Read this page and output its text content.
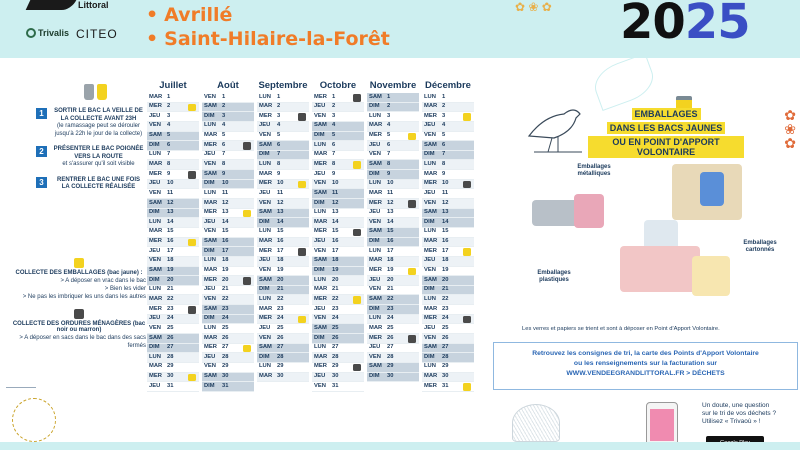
Littoral
Trivalis CITEO
• Avrillé
• Saint-Hilaire-la-Forêt
✿ ❀ ✿ 2025
1	SORTIR LE BAC LA VEILLE DE LA COLLECTE AVANT 23H
(le ramassage peut se dérouler jusqu'à 22h le jour de la collecte)
2	PRÉSENTER LE BAC POIGNÉE VERS LA ROUTE
et s'assurer qu'il soit visible
3	RENTRER LE BAC UNE FOIS LA COLLECTE RÉALISÉE
COLLECTE DES EMBALLAGES (bac jaune) :
> A déposer en vrac dans le bac
> Bien les vider
> Ne pas les imbriquer les uns dans les autres
COLLECTE DES ORDURES MÉNAGÈRES (bac noir ou marron)
> A déposer en sacs dans le bac dans des sacs fermés
Juillet
MAR 1
MER 2
JEU	3
VEN	4
SAM 5
DIM	6
LUN	7
MAR 8
MER 9
JEU	10
VEN	11
SAM 12
DIM	13
LUN	14
MAR 15
MER 16
JEU	17
VEN	18
SAM 19
DIM	20
LUN	21
MAR 22
MER 23
JEU	24
VEN	25
SAM 26
DIM	27
LUN	28
MAR 29
MER 30
JEU	31
Août
VEN	1
SAM 2
DIM	3
LUN	4
MAR 5
MER 6
JEU	7
VEN	8
SAM 9
DIM	10
LUN	11
MAR 12
MER 13
JEU	14
VEN	15
SAM 16
DIM	17
LUN	18
MAR 19
MER 20
JEU	21
VEN	22
SAM 23
DIM	24
LUN	25
MAR 26
MER 27
JEU	28
VEN	29
SAM 30
DIM	31
Septembre
LUN	1
MAR 2
MER 3
JEU	4
VEN	5
SAM 6
DIM	7
LUN	8
MAR 9
MER 10
JEU	11
VEN	12
SAM 13
DIM	14
LUN	15
MAR 16
MER 17
JEU	18
VEN	19
SAM 20
DIM	21
LUN	22
MAR 23
MER 24
JEU	25
VEN	26
SAM 27
DIM	28
LUN	29
MAR 30
Octobre
MER 1
JEU	2
VEN	3
SAM 4
DIM	5
LUN	6
MAR 7
MER 8
JEU	9
VEN	10
SAM 11
DIM	12
LUN	13
MAR 14
MER 15
JEU	16
VEN	17
SAM 18
DIM	19
LUN	20
MAR 21
MER 22
JEU	23
VEN	24
SAM 25
DIM	26
LUN	27
MAR 28
MER 29
JEU	30
VEN	31
Novembre
SAM 1
DIM	2
LUN	3
MAR 4
MER 5
JEU	6
VEN	7
SAM 8
DIM	9
LUN	10
MAR 11
MER 12
JEU	13
VEN	14
SAM 15
DIM	16
LUN	17
MAR 18
MER 19
JEU	20
VEN	21
SAM 22
DIM	23
LUN	24
MAR 25
MER 26
JEU	27
VEN	28
SAM 29
DIM	30
Décembre
LUN	1
MAR 2
MER 3
JEU	4
VEN	5
SAM 6
DIM	7
LUN	8
MAR 9
MER 10
JEU	11
VEN	12
SAM 13
DIM	14
LUN	15
MAR 16
MER 17
JEU	18
VEN	19
SAM 20
DIM	21
LUN	22
MAR 23
MER 24
JEU	25
VEN	26
SAM 27
DIM	28
LUN	29
MAR 30
MER 31
✿
❀
✿
EMBALLAGES
DANS LES BACS JAUNES
OU EN POINT D'APPORT VOLONTAIRE
Emballages métalliques
Emballages cartonnés
Emballages plastiques
Les verres et papiers se trient et sont à déposer en Point d'Apport Volontaire.
Retrouvez les consignes de tri, la carte des Points d'Apport Volontaire
ou les renseignements sur la facturation sur
WWW.VENDEEGRANDLITTORAL.FR > DÉCHETS
Un doute, une question
sur le tri de vos déchets ?
Utilisez « Trivaoù » !
